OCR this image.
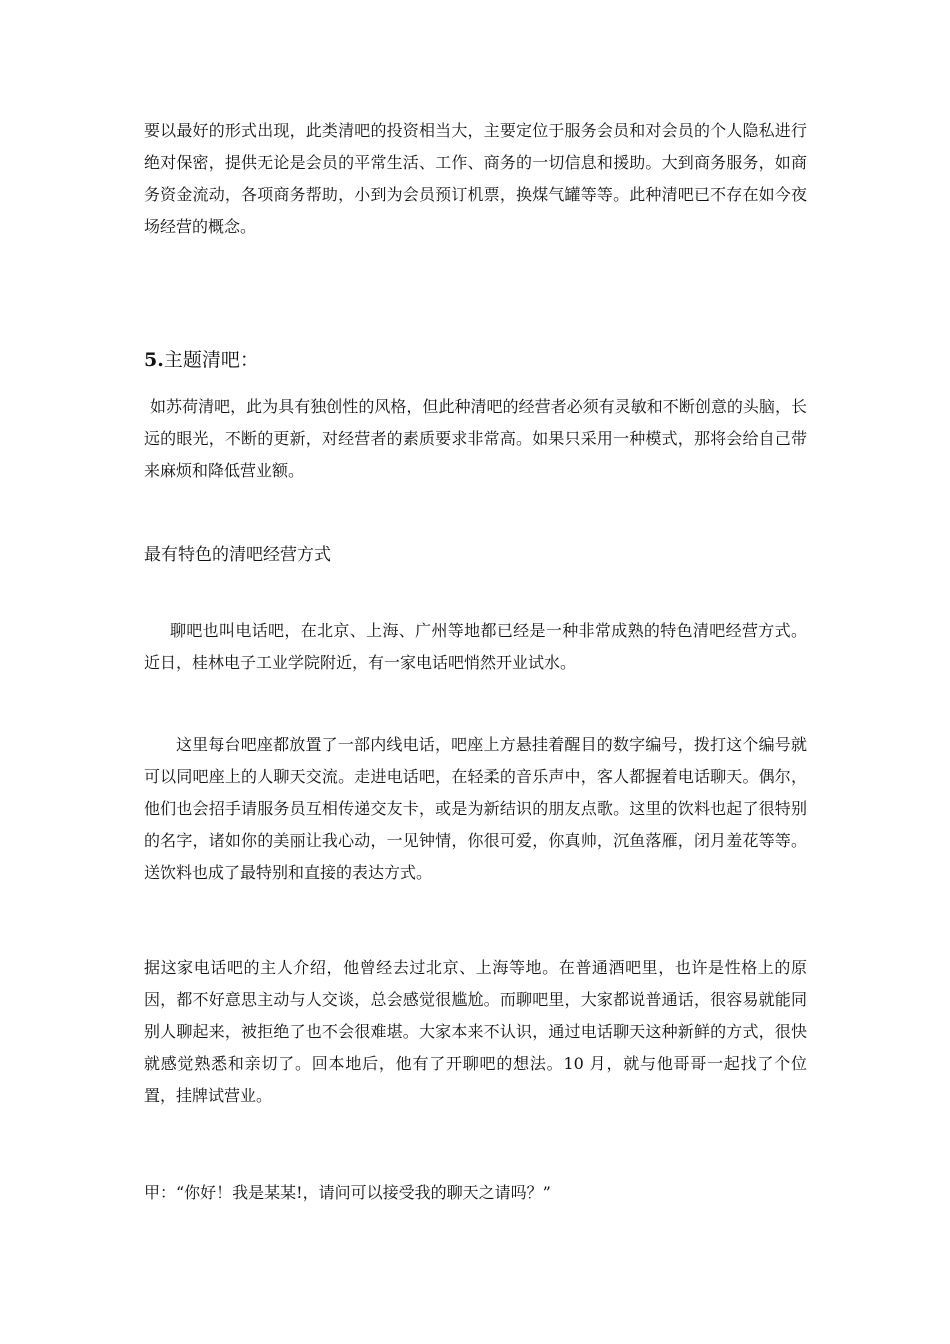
要以最好的形式出现，此类清吧的投资相当大，主要定位于服务会员和对会员的个人隐私进行绝对保密，提供无论是会员的平常生活、工作、商务的一切信息和援助。大到商务服务，如商务资金流动，各项商务帮助，小到为会员预订机票，换煤气罐等等。此种清吧已不存在如今夜场经营的概念。

5.主题清吧：

如苏荷清吧，此为具有独创性的风格，但此种清吧的经营者必须有灵敏和不断创意的头脑，长远的眼光，不断的更新，对经营者的素质要求非常高。如果只采用一种模式，那将会给自己带来麻烦和降低营业额。

最有特色的清吧经营方式

聊吧也叫电话吧，在北京、上海、广州等地都已经是一种非常成熟的特色清吧经营方式。近日，桂林电子工业学院附近，有一家电话吧悄然开业试水。

这里每台吧座都放置了一部内线电话，吧座上方悬挂着醒目的数字编号，拨打这个编号就可以同吧座上的人聊天交流。走进电话吧，在轻柔的音乐声中，客人都握着电话聊天。偶尔，他们也会招手请服务员互相传递交友卡，或是为新结识的朋友点歌。这里的饮料也起了很特别的名字，诸如你的美丽让我心动，一见钟情，你很可爱，你真帅，沉鱼落雁，闭月羞花等等。送饮料也成了最特别和直接的表达方式。

据这家电话吧的主人介绍，他曾经去过北京、上海等地。在普通酒吧里，也许是性格上的原因，都不好意思主动与人交谈，总会感觉很尴尬。而聊吧里，大家都说普通话，很容易就能同别人聊起来，被拒绝了也不会很难堪。大家本来不认识，通过电话聊天这种新鲜的方式，很快就感觉熟悉和亲切了。回本地后，他有了开聊吧的想法。10 月，就与他哥哥一起找了个位置，挂牌试营业。

甲：“你好！我是某某!，请问可以接受我的聊天之请吗？”
